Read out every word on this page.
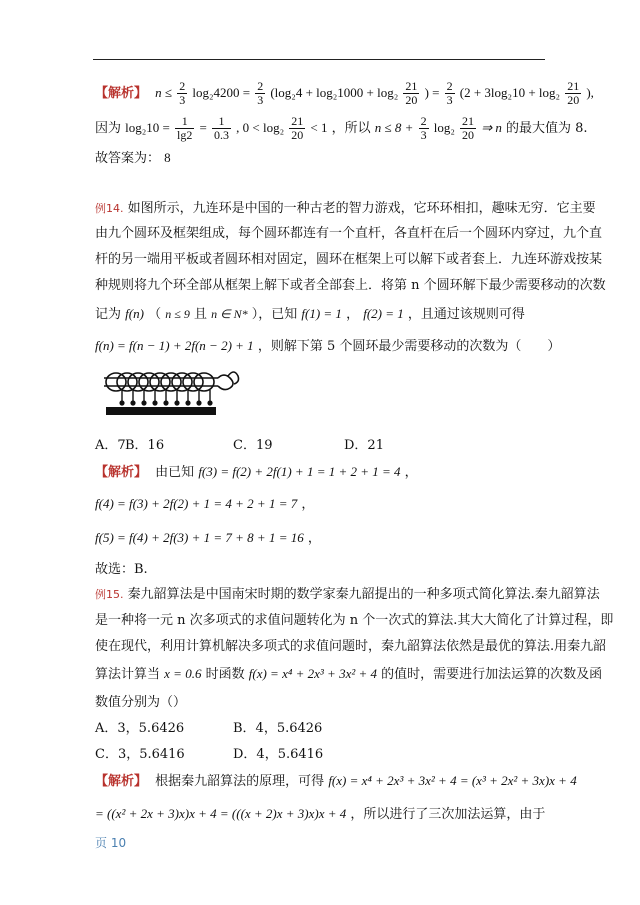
【解析】 $n \le \frac{2}{3} \log_24200 = \frac{2}{3} (\log_24 + \log_21000 + \log_2 \frac{21}{20}$ ) = $\frac{2}{3} (2 + 3\log_210 + \log_2 \frac{21}{20}$ ),
因为 $\log_210 = \frac{1}{\lg 2} = \frac{1}{0.3}$ , $0 < \log_2 \frac{21}{20} < 1$ ，所以 $n \le 8 + \frac{2}{3} \log_2 \frac{21}{20}$ ⇒ n 的最大值为 8.
故答案为： 8
例14. 如图所示，九连环是中国的一种古老的智力游戏，它环环相扣，趣味无穷．它主要
由九个圆环及框架组成，每个圆环都连有一个直杆，各直杆在后一个圆环内穿过，九个直
杆的另一端用平板或者圆环相对固定，圆环在框架上可以解下或者套上．九连环游戏按某
种规则将九个环全部从框架上解下或者全部套上．将第 n 个圆环解下最少需要移动的次数
记为 f(n) （ n ≤ 9 且 n ∈ N* ），已知 f(1) = 1 ， f(2) = 1 ，且通过该规则可得
f(n) = f(n − 1) + 2f(n − 2) + 1 ，则解下第 5 个圆环最少需要移动的次数为（　　）
A．7 B．16	C．19	D．21
【解析】 由已知 f(3) = f(2) + 2f(1) + 1 = 1 + 2 + 1 = 4 ，
f(4) = f(3) + 2f(2) + 1 = 4 + 2 + 1 = 7 ，
f(5) = f(4) + 2f(3) + 1 = 7 + 8 + 1 = 16 ，
故选：B.
例15. 秦九韶算法是中国南宋时期的数学家秦九韶提出的一种多项式简化算法.秦九韶算法
是一种将一元 n 次多项式的求值问题转化为 n 个一次式的算法.其大大简化了计算过程，即
使在现代，利用计算机解决多项式的求值问题时，秦九韶算法依然是最优的算法.用秦九韶
算法计算当 x = 0.6 时函数 f(x) = x⁴ + 2x³ + 3x² + 4 的值时，需要进行加法运算的次数及函
数值分别为（）
A．3，5.6426	B．4，5.6426
C．3，5.6416	D．4，5.6416
【解析】 根据秦九韶算法的原理，可得 f(x) = x⁴ + 2x³ + 3x² + 4 = (x³ + 2x² + 3x)x + 4
= ((x² + 2x + 3)x)x + 4 = (((x + 2)x + 3)x)x + 4 ，所以进行了三次加法运算，由于
页 10
